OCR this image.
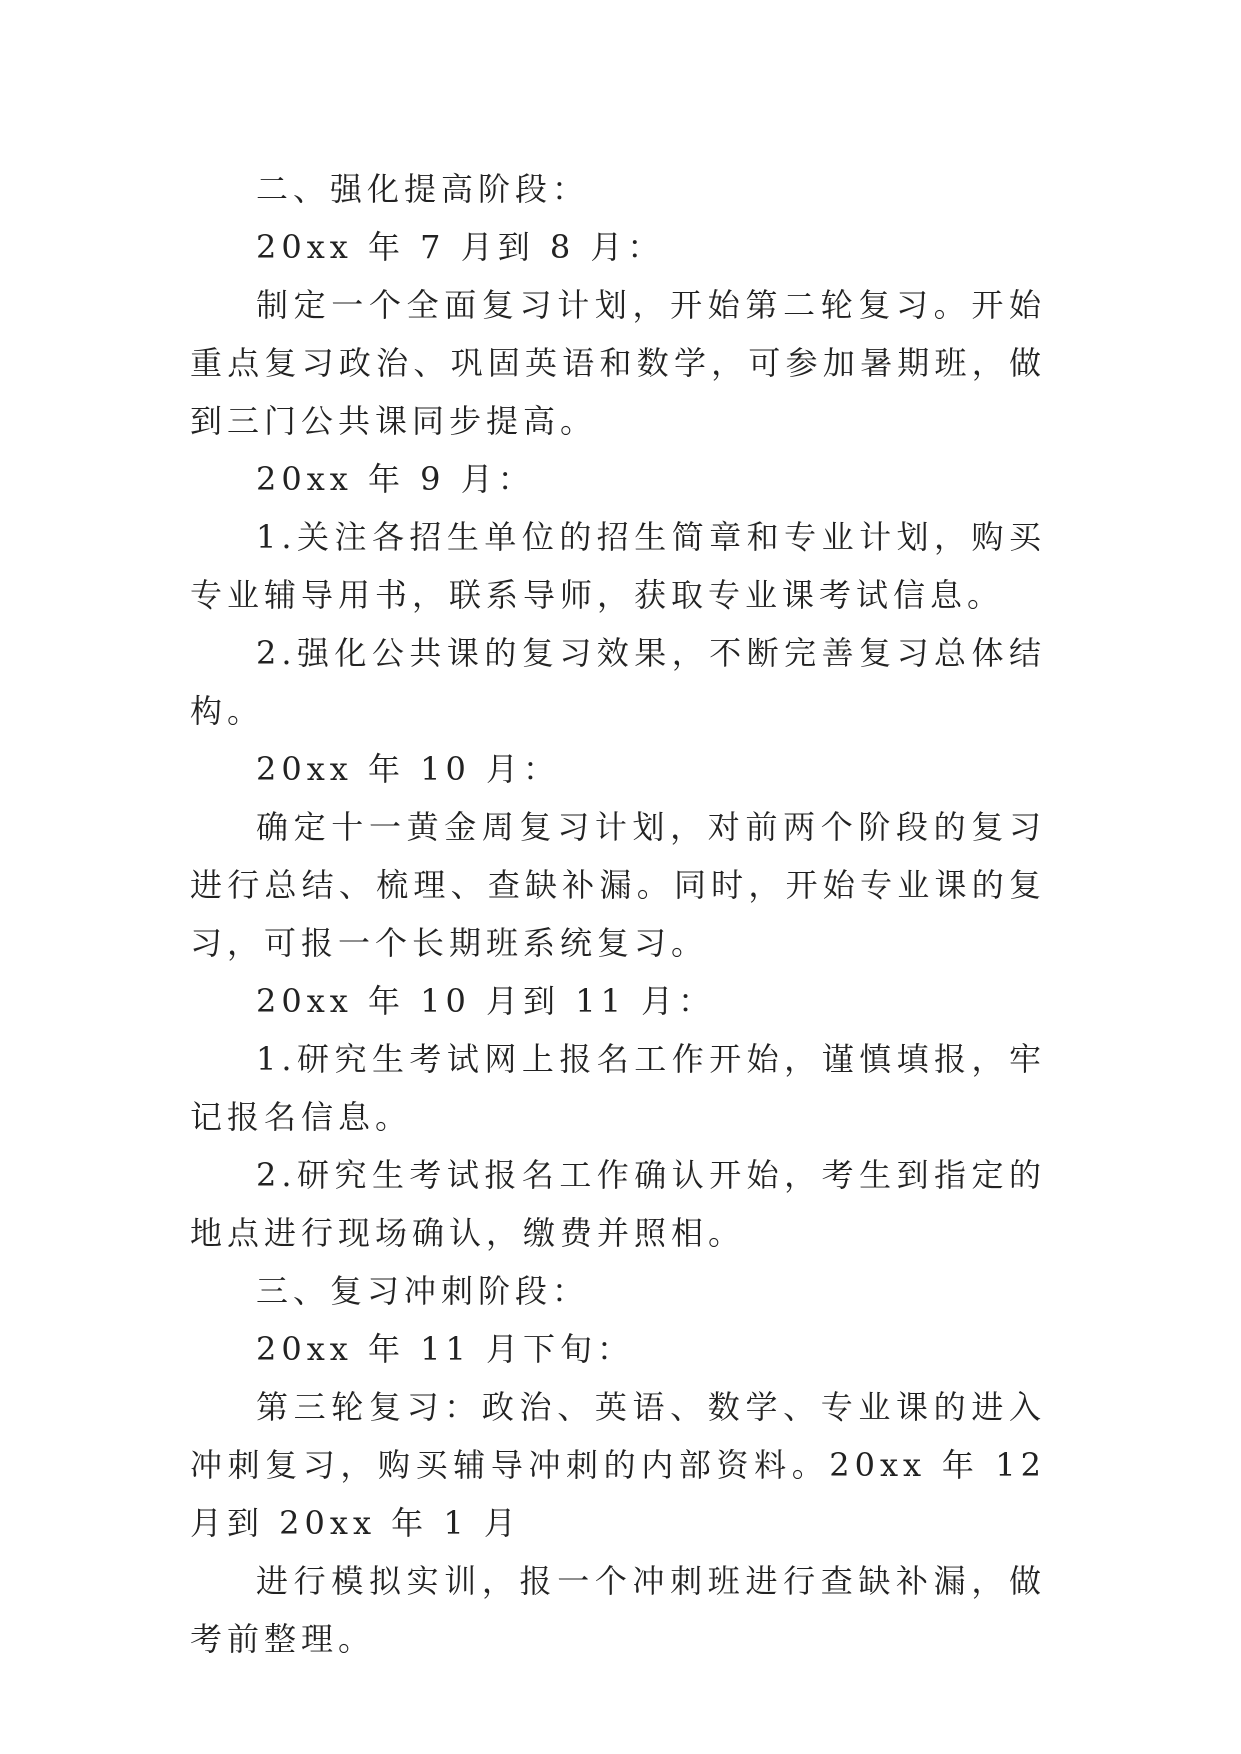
二、强化提高阶段：

20xx 年 7 月到 8 月：

制定一个全面复习计划，开始第二轮复习。开始重点复习政治、巩固英语和数学，可参加暑期班，做到三门公共课同步提高。

20xx 年 9 月：

1.关注各招生单位的招生简章和专业计划，购买专业辅导用书，联系导师，获取专业课考试信息。

2.强化公共课的复习效果，不断完善复习总体结构。

20xx 年 10 月：

确定十一黄金周复习计划，对前两个阶段的复习进行总结、梳理、查缺补漏。同时，开始专业课的复习，可报一个长期班系统复习。

20xx 年 10 月到 11 月：

1.研究生考试网上报名工作开始，谨慎填报，牢记报名信息。

2.研究生考试报名工作确认开始，考生到指定的地点进行现场确认，缴费并照相。

三、复习冲刺阶段：

20xx 年 11 月下旬：

第三轮复习：政治、英语、数学、专业课的进入冲刺复习，购买辅导冲刺的内部资料。20xx 年 12 月到 20xx 年 1 月

进行模拟实训，报一个冲刺班进行查缺补漏，做考前整理。
